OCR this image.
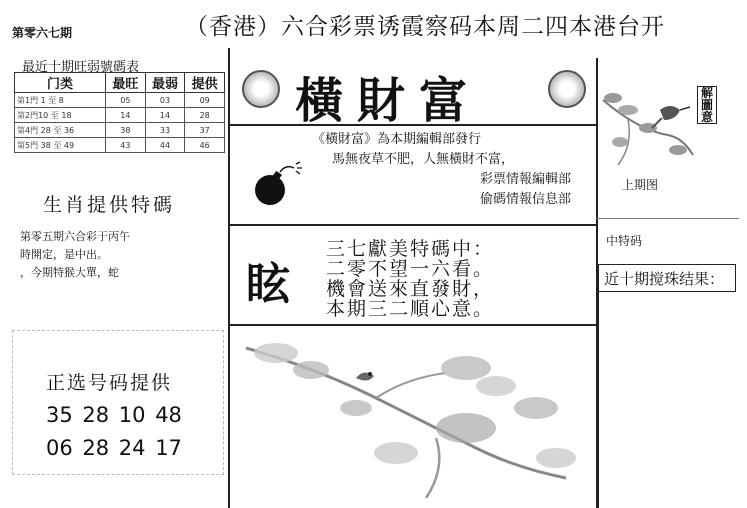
第零六七期	（香港）六合彩票诱霞察码本周二四本港台开
最近十期旺弱號碼表
门类	最旺	最弱	提供
第1門 1 至 8	05	03	09
第2門10 至 18	14	14	28
第4門 28 至 36	38	33	37
第5門 38 至 49	43	44	46
生肖提供特碼
第零五期六合彩于丙午
時開定，是中出。
，今期特猴大單，蛇
正选号码提供
35 28 10 48
06 28 24 17
橫財富
《橫財富》為本期編輯部發行
馬無夜草不肥，人無橫財不富，
彩票情報編輯部
偷碼情報信息部
眩
三七獻美特碼中：
二零不望一六看。
機會送來直發財，
本期三二順心意。
解圖意
上期图
中特码
近十期搅珠结果：
